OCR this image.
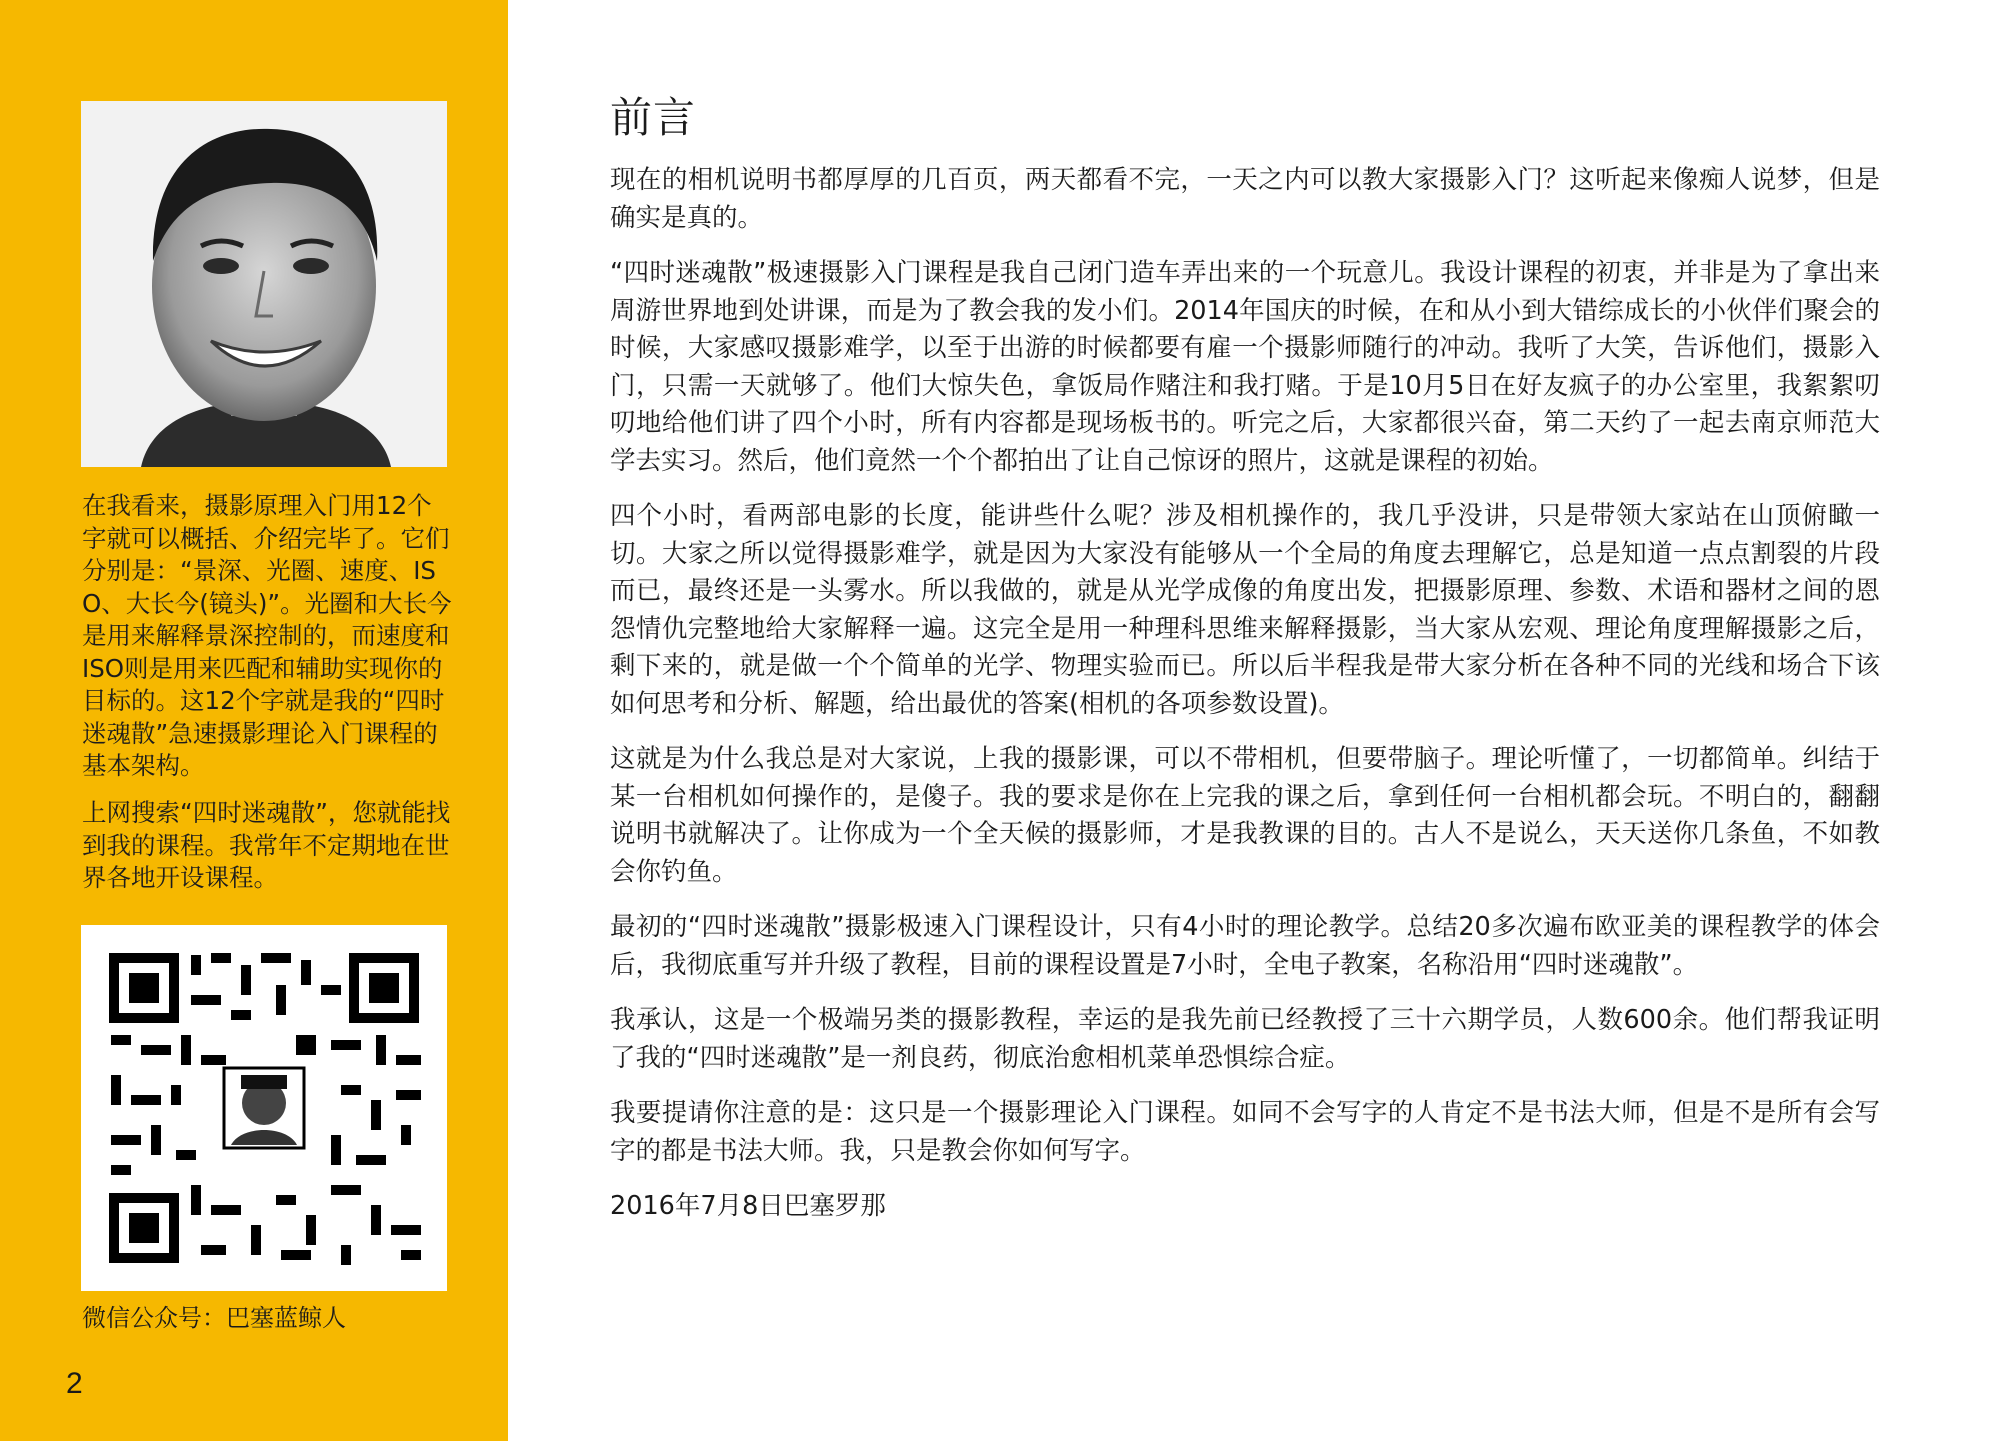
在我看来，摄影原理入门用12个字就可以概括、介绍完毕了。它们分别是：“景深、光圈、速度、ISO、大长今(镜头)”。光圈和大长今是用来解释景深控制的，而速度和ISO则是用来匹配和辅助实现你的目标的。这12个字就是我的“四时迷魂散”急速摄影理论入门课程的基本架构。

上网搜索“四时迷魂散”，您就能找到我的课程。我常年不定期地在世界各地开设课程。

微信公众号：巴塞蓝鲸人
2
前言

现在的相机说明书都厚厚的几百页，两天都看不完，一天之内可以教大家摄影入门？这听起来像痴人说梦，但是确实是真的。

“四时迷魂散”极速摄影入门课程是我自己闭门造车弄出来的一个玩意儿。我设计课程的初衷，并非是为了拿出来周游世界地到处讲课，而是为了教会我的发小们。2014年国庆的时候，在和从小到大错综成长的小伙伴们聚会的时候，大家感叹摄影难学，以至于出游的时候都要有雇一个摄影师随行的冲动。我听了大笑，告诉他们，摄影入门，只需一天就够了。他们大惊失色，拿饭局作赌注和我打赌。于是10月5日在好友疯子的办公室里，我絮絮叨叨地给他们讲了四个小时，所有内容都是现场板书的。听完之后，大家都很兴奋，第二天约了一起去南京师范大学去实习。然后，他们竟然一个个都拍出了让自己惊讶的照片，这就是课程的初始。

四个小时，看两部电影的长度，能讲些什么呢？涉及相机操作的，我几乎没讲，只是带领大家站在山顶俯瞰一切。大家之所以觉得摄影难学，就是因为大家没有能够从一个全局的角度去理解它，总是知道一点点割裂的片段而已，最终还是一头雾水。所以我做的，就是从光学成像的角度出发，把摄影原理、参数、术语和器材之间的恩怨情仇完整地给大家解释一遍。这完全是用一种理科思维来解释摄影，当大家从宏观、理论角度理解摄影之后，剩下来的，就是做一个个简单的光学、物理实验而已。所以后半程我是带大家分析在各种不同的光线和场合下该如何思考和分析、解题，给出最优的答案(相机的各项参数设置)。

这就是为什么我总是对大家说，上我的摄影课，可以不带相机，但要带脑子。理论听懂了，一切都简单。纠结于某一台相机如何操作的，是傻子。我的要求是你在上完我的课之后，拿到任何一台相机都会玩。不明白的，翻翻说明书就解决了。让你成为一个全天候的摄影师，才是我教课的目的。古人不是说么，天天送你几条鱼，不如教会你钓鱼。

最初的“四时迷魂散”摄影极速入门课程设计，只有4小时的理论教学。总结20多次遍布欧亚美的课程教学的体会后，我彻底重写并升级了教程，目前的课程设置是7小时，全电子教案，名称沿用“四时迷魂散”。

我承认，这是一个极端另类的摄影教程，幸运的是我先前已经教授了三十六期学员，人数600余。他们帮我证明了我的“四时迷魂散”是一剂良药，彻底治愈相机菜单恐惧综合症。

我要提请你注意的是：这只是一个摄影理论入门课程。如同不会写字的人肯定不是书法大师，但是不是所有会写字的都是书法大师。我，只是教会你如何写字。

2016年7月8日巴塞罗那
